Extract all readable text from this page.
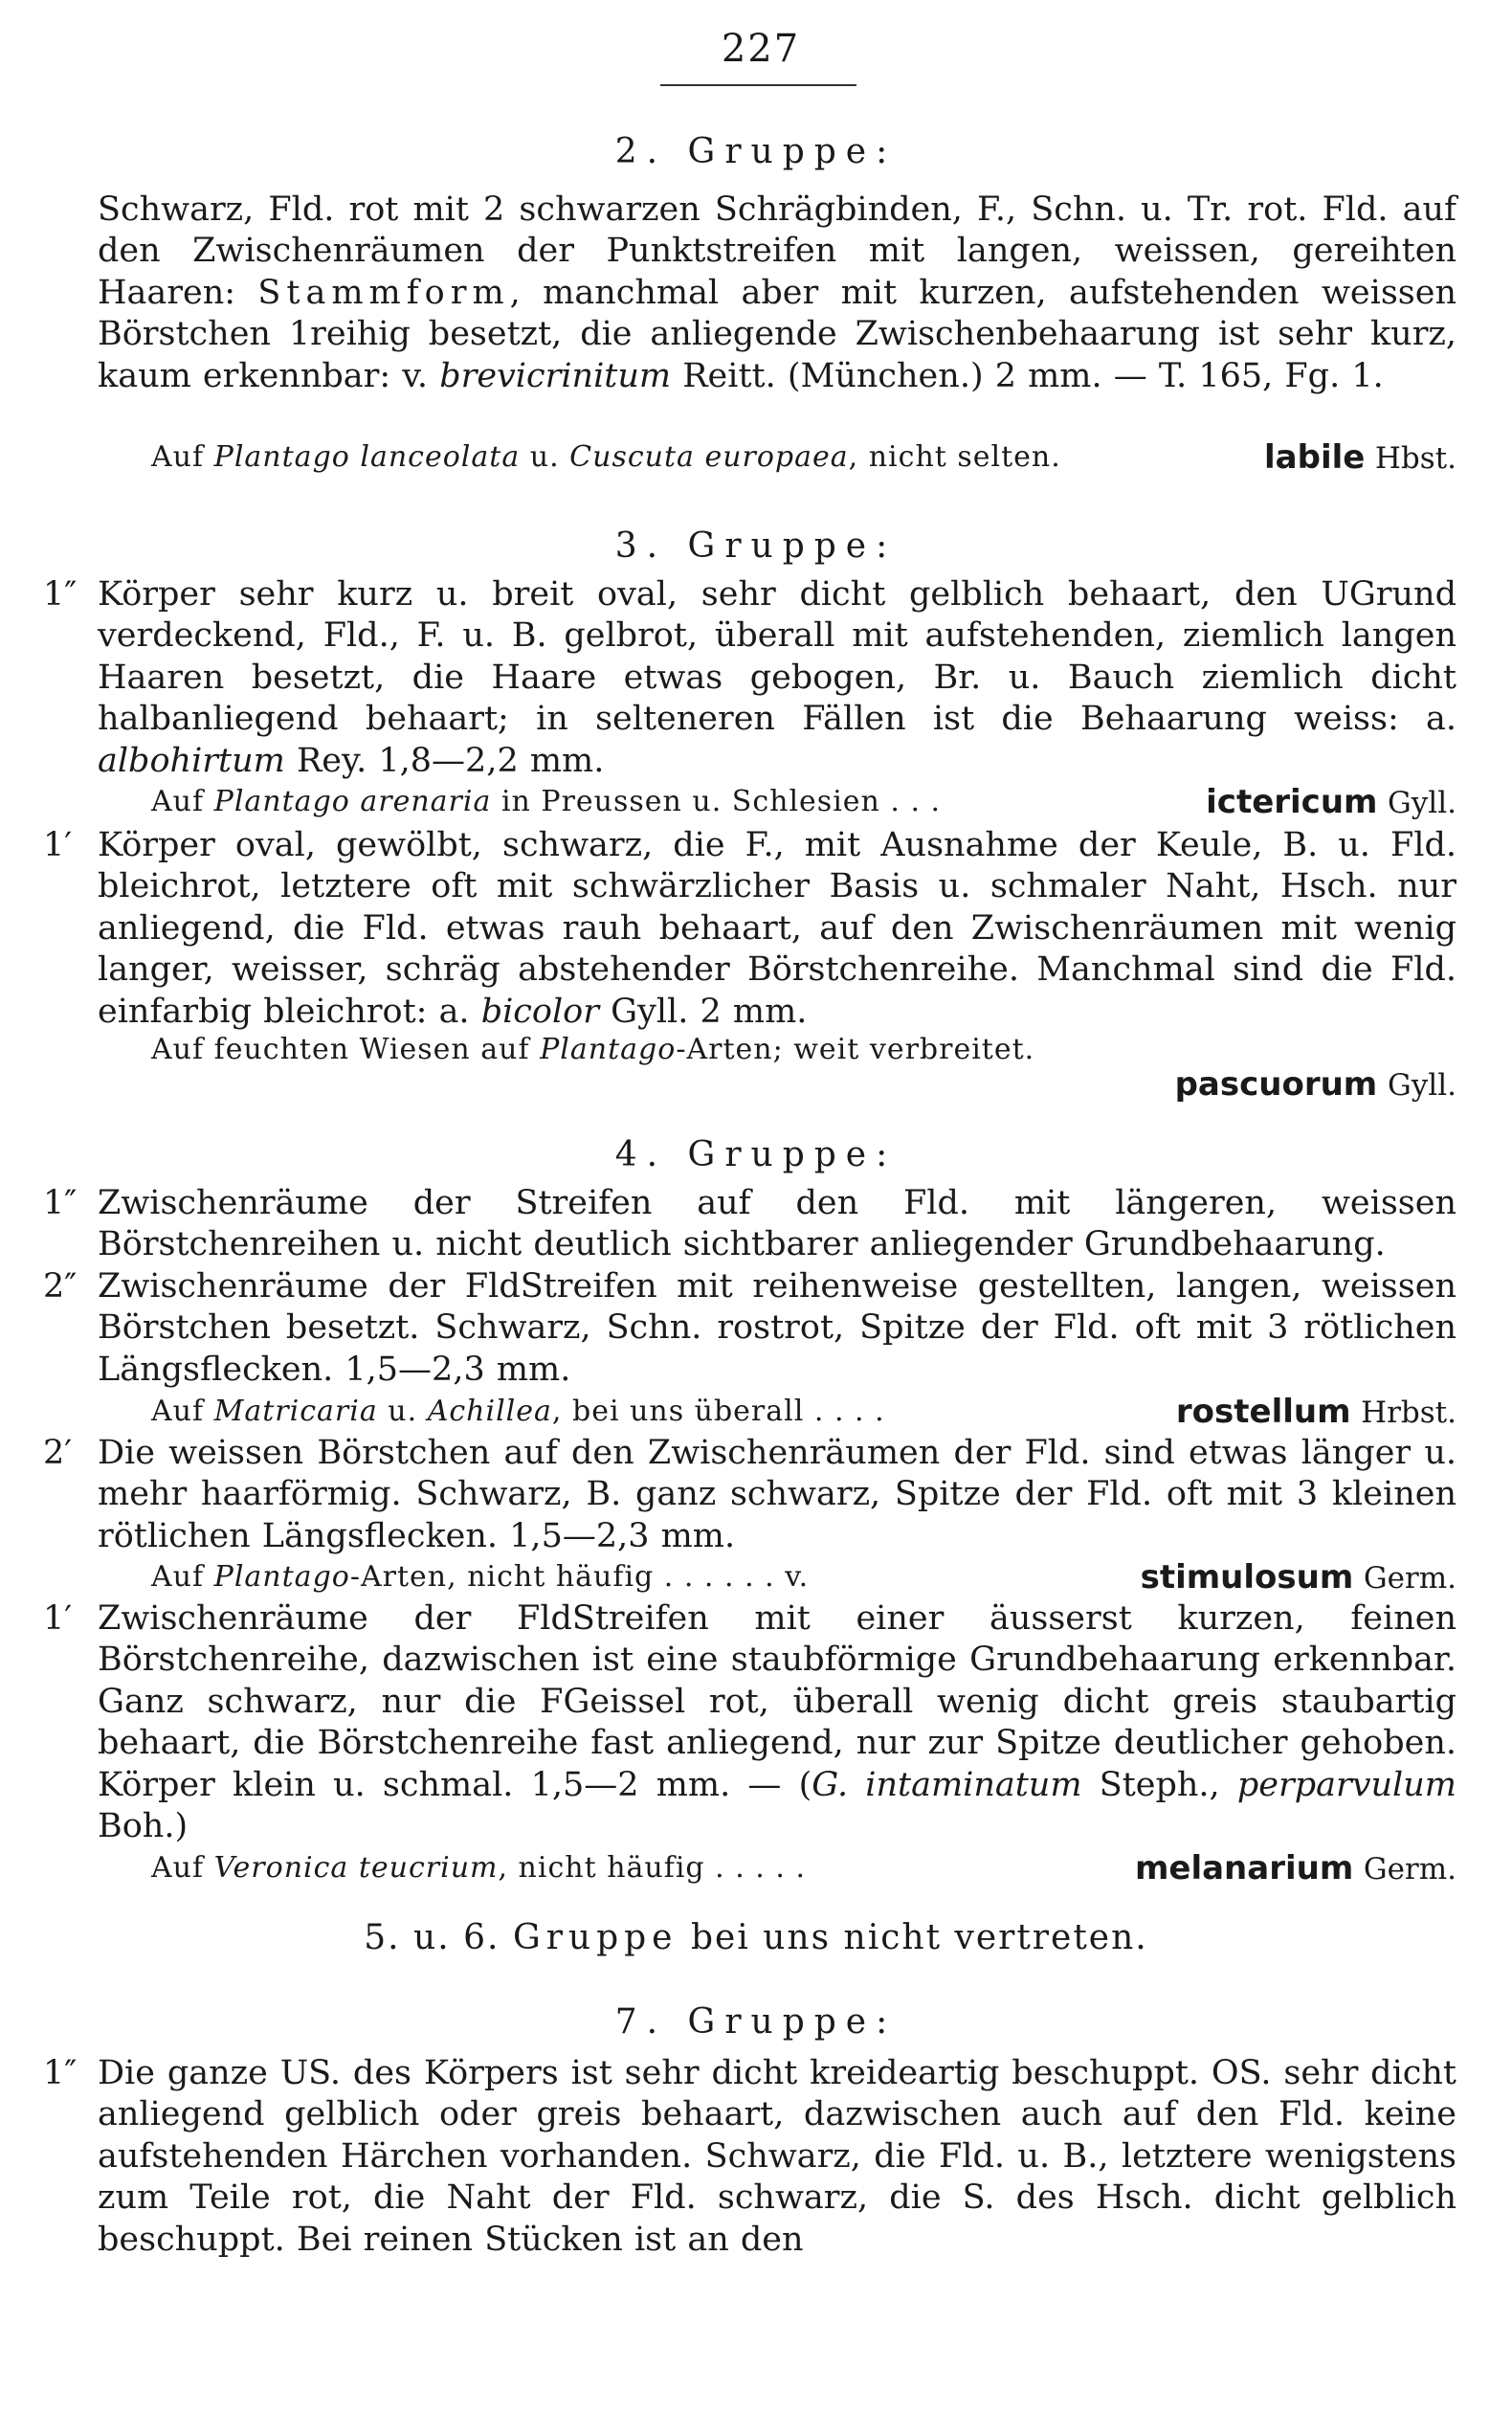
227
2. Gruppe:
Schwarz, Fld. rot mit 2 schwarzen Schrägbinden, F., Schn. u. Tr. rot. Fld. auf den Zwischenräumen der Punktstreifen mit langen, weissen, gereihten Haaren: Stammform, manchmal aber mit kurzen, aufstehenden weissen Börstchen 1reihig besetzt, die anliegende Zwischenbehaarung ist sehr kurz, kaum erkennbar: v. brevicrinitum Reitt. (München.) 2 mm. — T. 165, Fg. 1.
Auf Plantago lanceolata u. Cuscuta europaea, nicht selten.	labile Hbst.
3. Gruppe:
1″ Körper sehr kurz u. breit oval, sehr dicht gelblich behaart, den UGrund verdeckend, Fld., F. u. B. gelbrot, überall mit aufstehenden, ziemlich langen Haaren besetzt, die Haare etwas gebogen, Br. u. Bauch ziemlich dicht halbanliegend behaart; in selteneren Fällen ist die Behaarung weiss: a. albohirtum Rey. 1,8—2,2 mm.
Auf Plantago arenaria in Preussen u. Schlesien . . .	ictericum Gyll.
1′ Körper oval, gewölbt, schwarz, die F., mit Ausnahme der Keule, B. u. Fld. bleichrot, letztere oft mit schwärzlicher Basis u. schmaler Naht, Hsch. nur anliegend, die Fld. etwas rauh behaart, auf den Zwischenräumen mit wenig langer, weisser, schräg abstehender Börstchenreihe. Manchmal sind die Fld. einfarbig bleichrot: a. bicolor Gyll. 2 mm.
Auf feuchten Wiesen auf Plantago-Arten; weit verbreitet.
pascuorum Gyll.
4. Gruppe:
1″ Zwischenräume der Streifen auf den Fld. mit längeren, weissen Börstchenreihen u. nicht deutlich sichtbarer anliegender Grundbehaarung.
2″ Zwischenräume der FldStreifen mit reihenweise gestellten, langen, weissen Börstchen besetzt. Schwarz, Schn. rostrot, Spitze der Fld. oft mit 3 rötlichen Längsflecken. 1,5—2,3 mm.
Auf Matricaria u. Achillea, bei uns überall . . . .	rostellum Hrbst.
2′ Die weissen Börstchen auf den Zwischenräumen der Fld. sind etwas länger u. mehr haarförmig. Schwarz, B. ganz schwarz, Spitze der Fld. oft mit 3 kleinen rötlichen Längsflecken. 1,5—2,3 mm.
Auf Plantago-Arten, nicht häufig . . . . . . v.	stimulosum Germ.
1′ Zwischenräume der FldStreifen mit einer äusserst kurzen, feinen Börstchenreihe, dazwischen ist eine staubförmige Grundbehaarung erkennbar. Ganz schwarz, nur die FGeissel rot, überall wenig dicht greis staubartig behaart, die Börstchenreihe fast anliegend, nur zur Spitze deutlicher gehoben. Körper klein u. schmal. 1,5—2 mm. — (G. intaminatum Steph., perparvulum Boh.)
Auf Veronica teucrium, nicht häufig . . . . .	melanarium Germ.
5. u. 6. Gruppe bei uns nicht vertreten.
7. Gruppe:
1″ Die ganze US. des Körpers ist sehr dicht kreideartig beschuppt. OS. sehr dicht anliegend gelblich oder greis behaart, dazwischen auch auf den Fld. keine aufstehenden Härchen vorhanden. Schwarz, die Fld. u. B., letztere wenigstens zum Teile rot, die Naht der Fld. schwarz, die S. des Hsch. dicht gelblich beschuppt. Bei reinen Stücken ist an den
